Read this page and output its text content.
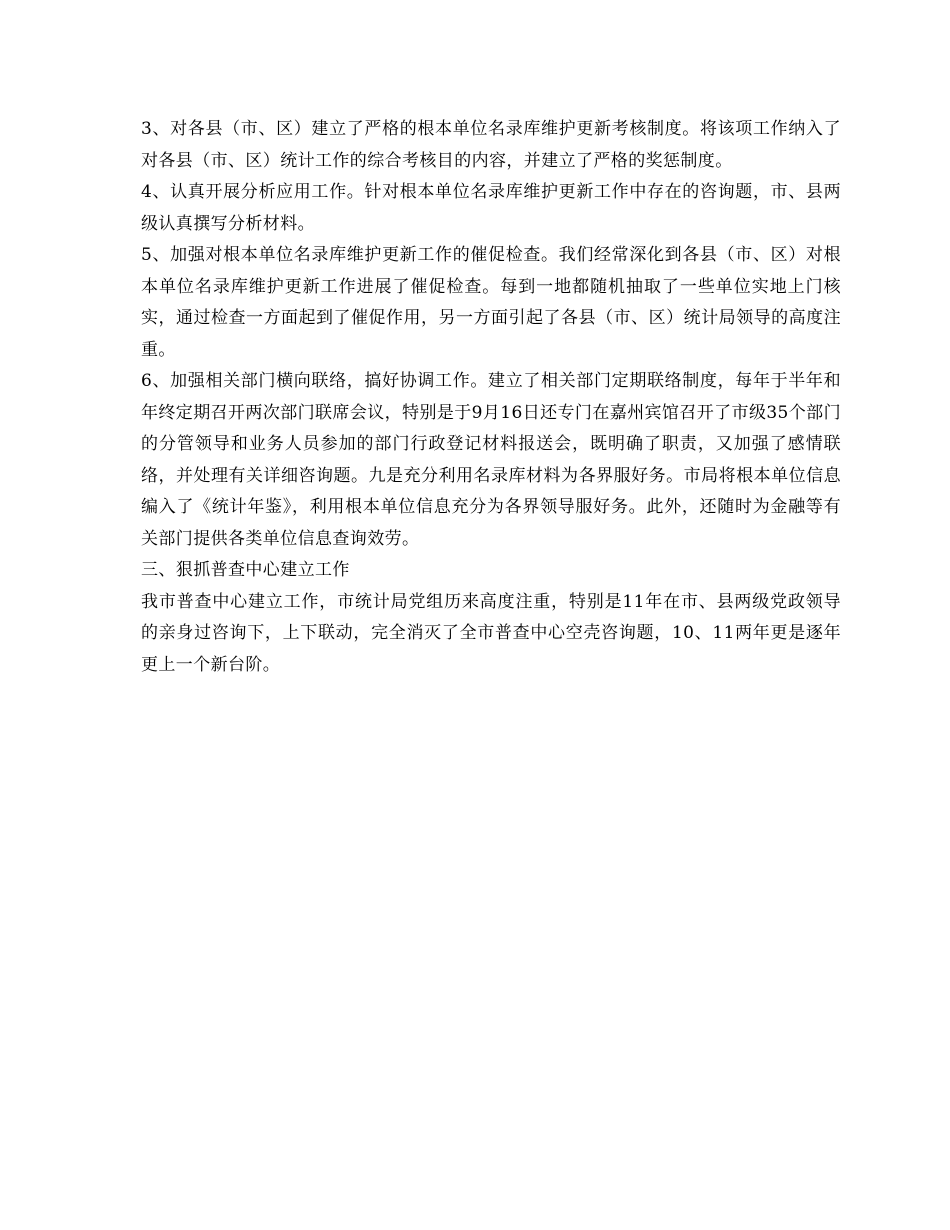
3、对各县（市、区）建立了严格的根本单位名录库维护更新考核制度。将该项工作纳入了对各县（市、区）统计工作的综合考核目的内容，并建立了严格的奖惩制度。

4、认真开展分析应用工作。针对根本单位名录库维护更新工作中存在的咨询题，市、县两级认真撰写分析材料。

5、加强对根本单位名录库维护更新工作的催促检查。我们经常深化到各县（市、区）对根本单位名录库维护更新工作进展了催促检查。每到一地都随机抽取了一些单位实地上门核实，通过检查一方面起到了催促作用，另一方面引起了各县（市、区）统计局领导的高度注重。

6、加强相关部门横向联络，搞好协调工作。建立了相关部门定期联络制度，每年于半年和年终定期召开两次部门联席会议，特别是于9月16日还专门在嘉州宾馆召开了市级35个部门的分管领导和业务人员参加的部门行政登记材料报送会，既明确了职责，又加强了感情联络，并处理有关详细咨询题。九是充分利用名录库材料为各界服好务。市局将根本单位信息编入了《统计年鉴》，利用根本单位信息充分为各界领导服好务。此外，还随时为金融等有关部门提供各类单位信息查询效劳。

三、狠抓普查中心建立工作

我市普查中心建立工作，市统计局党组历来高度注重，特别是11年在市、县两级党政领导的亲身过咨询下，上下联动，完全消灭了全市普查中心空壳咨询题，10、11两年更是逐年更上一个新台阶。
